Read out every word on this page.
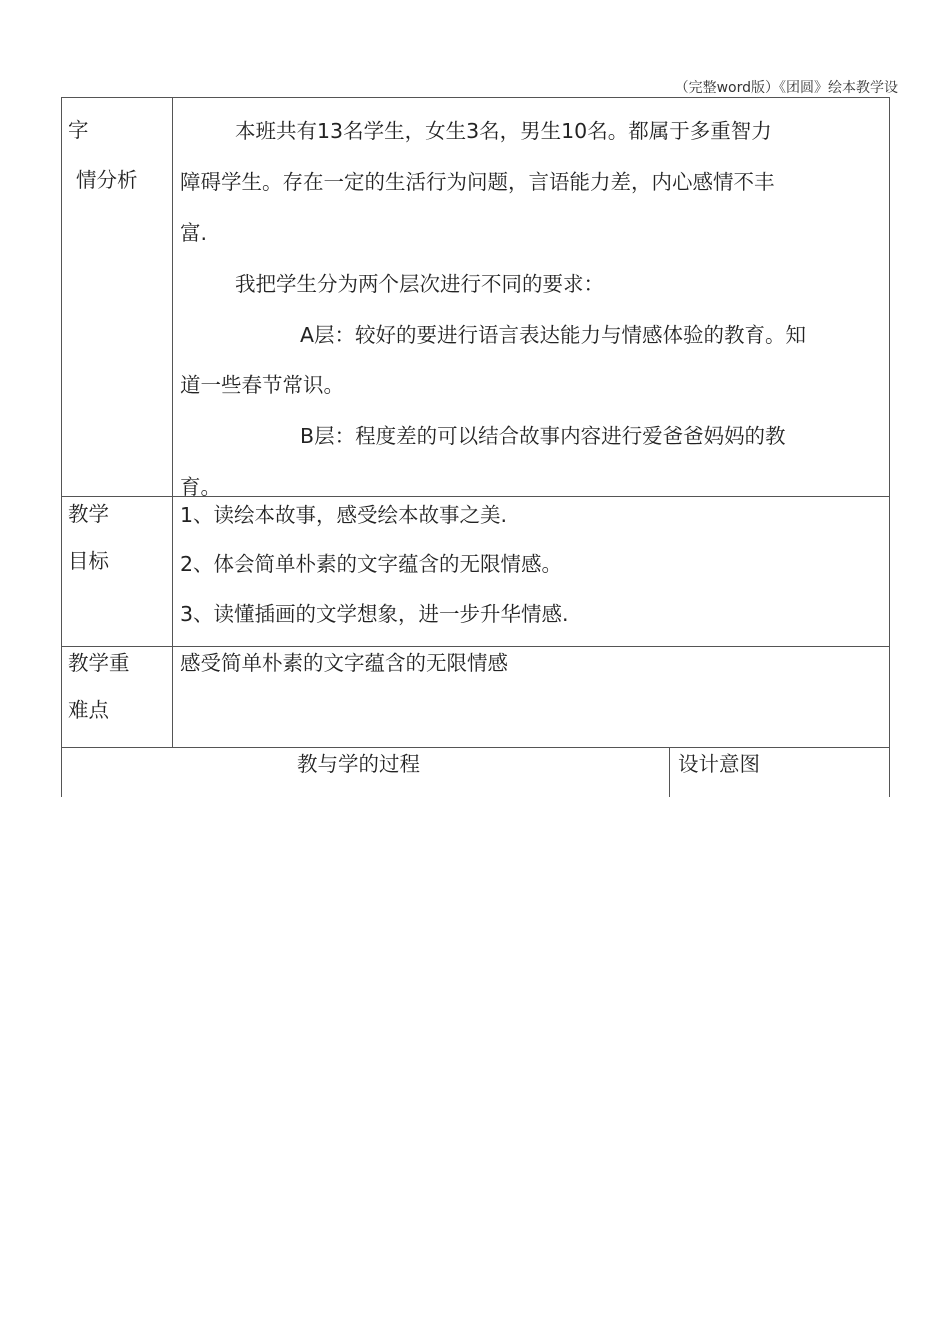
（完整word版）《团圆》绘本教学设
字
情分析
本班共有13名学生，女生3名，男生10名。都属于多重智力
障碍学生。存在一定的生活行为问题，言语能力差，内心感情不丰
富.
我把学生分为两个层次进行不同的要求：
A层：较好的要进行语言表达能力与情感体验的教育。知
道一些春节常识。
B层：程度差的可以结合故事内容进行爱爸爸妈妈的教
育。
教学
目标
1、读绘本故事，感受绘本故事之美.
2、体会简单朴素的文字蕴含的无限情感。
3、读懂插画的文学想象，进一步升华情感.
教学重
难点
感受简单朴素的文字蕴含的无限情感
教与学的过程	设计意图
